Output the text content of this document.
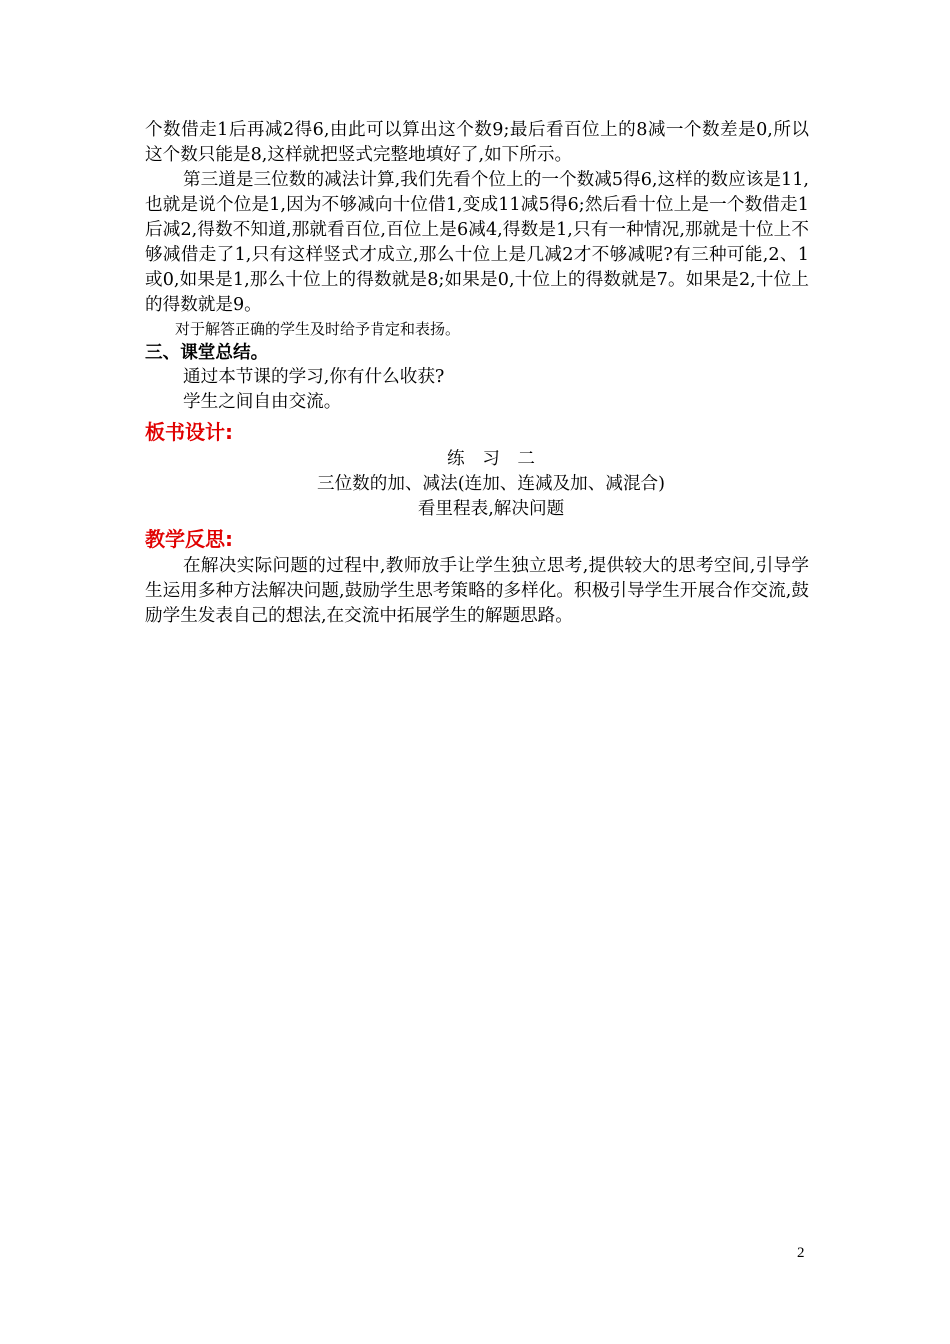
个数借走1后再减2得6,由此可以算出这个数9;最后看百位上的8减一个数差是0,所以这个数只能是8,这样就把竖式完整地填好了,如下所示。

第三道是三位数的减法计算,我们先看个位上的一个数减5得6,这样的数应该是11,也就是说个位是1,因为不够减向十位借1,变成11减5得6;然后看十位上是一个数借走1后减2,得数不知道,那就看百位,百位上是6减4,得数是1,只有一种情况,那就是十位上不够减借走了1,只有这样竖式才成立,那么十位上是几减2才不够减呢?有三种可能,2、1或0,如果是1,那么十位上的得数就是8;如果是0,十位上的得数就是7。如果是2,十位上的得数就是9。

对于解答正确的学生及时给予肯定和表扬。

三、课堂总结。

通过本节课的学习,你有什么收获?

学生之间自由交流。

板书设计:

练　习　二

三位数的加、减法(连加、连减及加、减混合)

看里程表,解决问题

教学反思:

在解决实际问题的过程中,教师放手让学生独立思考,提供较大的思考空间,引导学生运用多种方法解决问题,鼓励学生思考策略的多样化。积极引导学生开展合作交流,鼓励学生发表自己的想法,在交流中拓展学生的解题思路。

2
